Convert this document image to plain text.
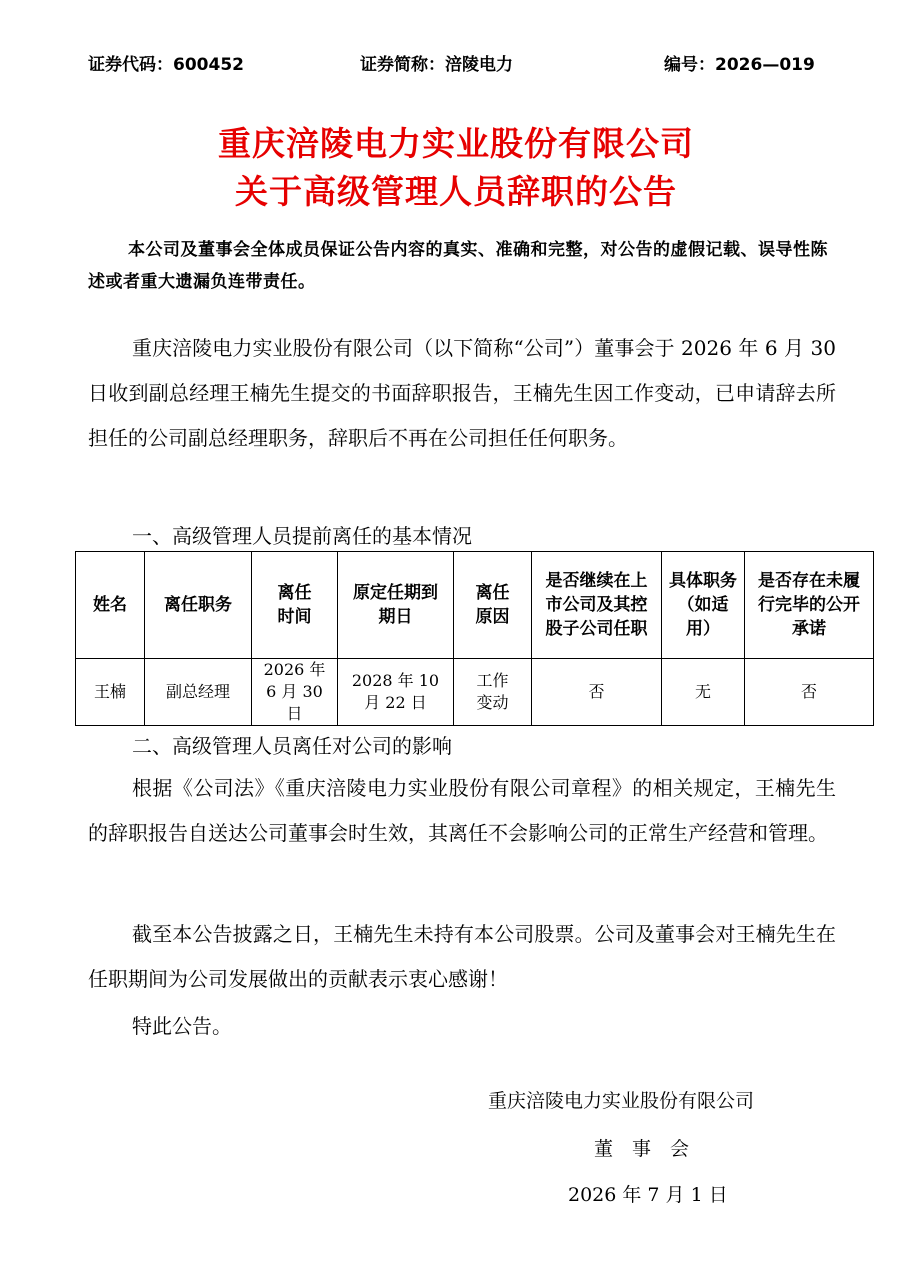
证券代码：600452	证券简称：涪陵电力	编号：2026—019
重庆涪陵电力实业股份有限公司
关于高级管理人员辞职的公告
本公司及董事会全体成员保证公告内容的真实、准确和完整，对公告的虚假记载、误导性陈述或者重大遗漏负连带责任。
重庆涪陵电力实业股份有限公司（以下简称“公司”）董事会于 2026 年 6 月 30 日收到副总经理王楠先生提交的书面辞职报告，王楠先生因工作变动，已申请辞去所担任的公司副总经理职务，辞职后不再在公司担任任何职务。
一、高级管理人员提前离任的基本情况
姓名	离任职务	离任时间	原定任期到期日	离任原因	是否继续在上市公司及其控股子公司任职	具体职务（如适用）	是否存在未履行完毕的公开承诺
王楠	副总经理	2026 年 6 月 30 日	2028 年 10 月 22 日	工作变动	否	无	否
二、高级管理人员离任对公司的影响
根据《公司法》《重庆涪陵电力实业股份有限公司章程》的相关规定，王楠先生的辞职报告自送达公司董事会时生效，其离任不会影响公司的正常生产经营和管理。
截至本公告披露之日，王楠先生未持有本公司股票。公司及董事会对王楠先生在任职期间为公司发展做出的贡献表示衷心感谢！
特此公告。
重庆涪陵电力实业股份有限公司
董　事　会
2026 年 7 月 1 日
